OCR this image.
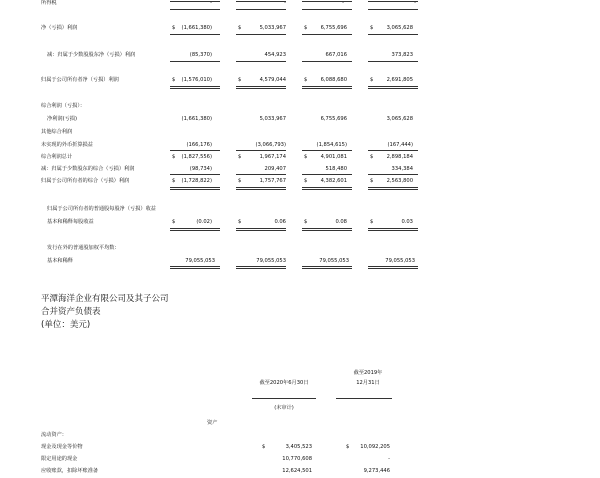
所得税	-	-	-	-
净（亏损）利润	$	(1,661,380)	$	5,033,967	$	6,755,696	$	3,065,628
减：归属于少数股股东净（亏损）利润	(85,370)	454,923	667,016	373,823
归属于公司所有者净（亏损）利润	$	(1,576,010)	$	4,579,044	$	6,088,680	$	2,691,805
综合利润（亏损）：
净利润(亏损)	(1,661,380)	5,033,967	6,755,696	3,065,628
其他综合利润
未实现的外币折算损益	(166,176)	(3,066,793)	(1,854,615)	(167,444)
综合利润总计	$	(1,827,556)	$	1,967,174	$	4,901,081	$	2,898,184
减：归属于少数股东的综合（亏损）利润	(98,734)	209,407	518,480	334,384
归属于公司所有者的综合（亏损）利润	$	(1,728,822)	$	1,757,767	$	4,382,601	$	2,563,800
归属于公司所有者的普通股每股净（亏损）收益
基本和稀释每股收益	$	(0.02)	$	0.06	$	0.08	$	0.03
发行在外的普通股加权平均数：
基本和稀释	79,055,053	79,055,053	79,055,053	79,055,053
平潭海洋企业有限公司及其子公司
合并资产负债表
(单位：美元)
截至2019年
截至2020年6月30日	12月31日
(未审计)
资产
流动资产：
现金及现金等价物	$	3,405,523	$	10,092,205
限定用途的现金	10,770,608	-
应收账款，扣除坏账准备	12,624,501	9,273,446
